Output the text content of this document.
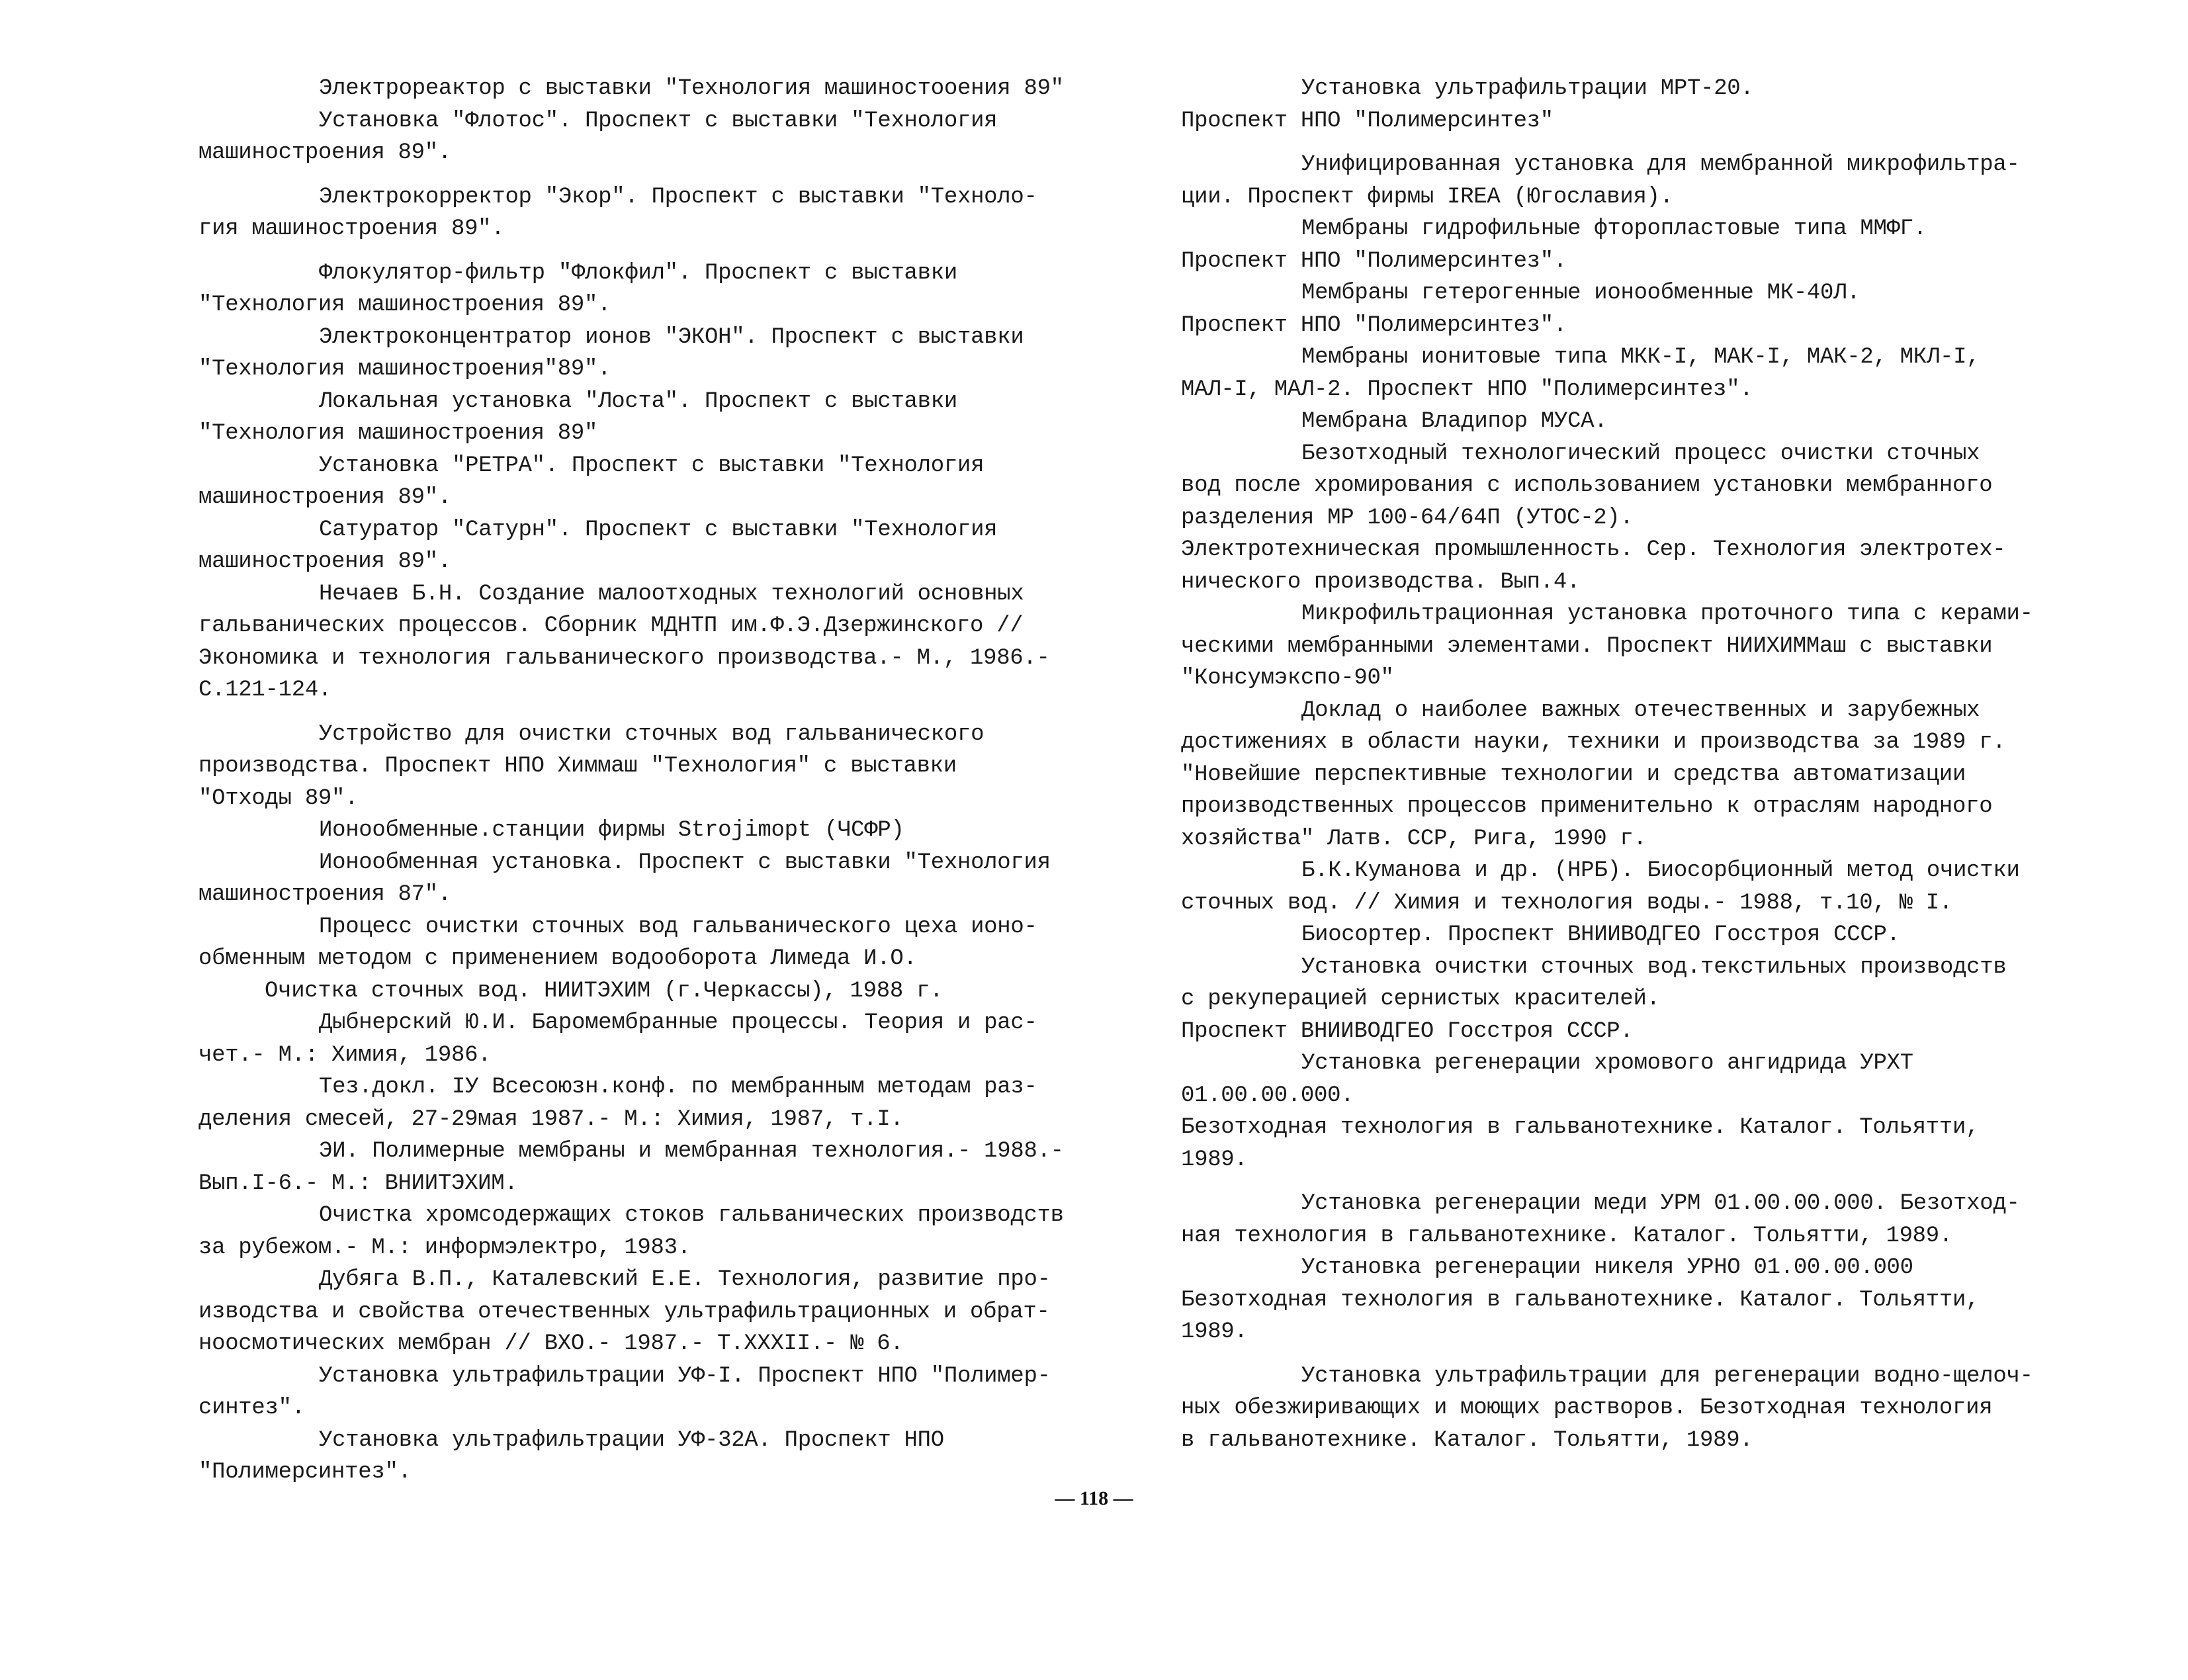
Электрореактор с выставки "Технология машиностооения 89"
Установка "Флотос". Проспект с выставки "Технология
машиностроения 89".
Электрокорректор "Экор". Проспект с выставки "Техноло-
гия машиностроения 89".
Флокулятор-фильтр "Флокфил". Проспект с выставки
"Технология машиностроения 89".
Электроконцентратор ионов "ЭКОН". Проспект с выставки
"Технология машиностроения"89".
Локальная установка "Лоста". Проспект с выставки
"Технология машиностроения 89"
Установка "РЕТРА". Проспект с выставки "Технология
машиностроения 89".
Сатуратор "Сатурн". Проспект с выставки "Технология
машиностроения 89".
Нечаев Б.Н. Создание малоотходных технологий основных
гальванических процессов. Сборник МДНТП им.Ф.Э.Дзержинского //
Экономика и технология гальванического производства.- М., 1986.-
С.121-124.
Устройство для очистки сточных вод гальванического
производства. Проспект НПО Химмаш "Технология" с выставки
"Отходы 89".
Ионообменные.станции фирмы Strojimopt (ЧСФР)
Ионообменная установка. Проспект с выставки "Технология
машиностроения 87".
Процесс очистки сточных вод гальванического цеха ионо-
обменным методом с применением водооборота Лимеда И.О.
Очистка сточных вод. НИИТЭХИМ (г.Черкассы), 1988 г.
Дыбнерский Ю.И. Баромембранные процессы. Теория и рас-
чет.- М.: Химия, 1986.
Тез.докл. IУ Всесоюзн.конф. по мембранным методам раз-
деления смесей, 27-29мая 1987.- М.: Химия, 1987, т.I.
ЭИ. Полимерные мембраны и мембранная технология.- 1988.-
Вып.I-6.- М.: ВНИИТЭХИМ.
Очистка хромсодержащих стоков гальванических производств
за рубежом.- М.: информэлектро, 1983.
Дубяга В.П., Каталевский Е.Е. Технология, развитие про-
изводства и свойства отечественных ультрафильтрационных и обрат-
ноосмотических мембран // ВХО.- 1987.- Т.XXXII.- № 6.
Установка ультрафильтрации УФ-I. Проспект НПО "Полимер-
синтез".
Установка ультрафильтрации УФ-32А. Проспект НПО
"Полимерсинтез".
Установка ультрафильтрации МРТ-20.
Проспект НПО "Полимерсинтез"
Унифицированная установка для мембранной микрофильтра-
ции. Проспект фирмы IREA (Югославия).
Мембраны гидрофильные фторопластовые типа ММФГ.
Проспект НПО "Полимерсинтез".
Мембраны гетерогенные ионообменные МК-40Л.
Проспект НПО "Полимерсинтез".
Мембраны ионитовые типа МКК-I, МАК-I, МАК-2, МКЛ-I,
МАЛ-I, МАЛ-2. Проспект НПО "Полимерсинтез".
Мембрана Владипор МУСА.
Безотходный технологический процесс очистки сточных
вод после хромирования с использованием установки мембранного
разделения МР 100-64/64П (УТОС-2).
Электротехническая промышленность. Сер. Технология электротех-
нического производства. Вып.4.
Микрофильтрационная установка проточного типа с керами-
ческими мембранными элементами. Проспект НИИХИММаш с выставки
"Консумэкспо-90"
Доклад о наиболее важных отечественных и зарубежных
достижениях в области науки, техники и производства за 1989 г.
"Новейшие перспективные технологии и средства автоматизации
производственных процессов применительно к отраслям народного
хозяйства" Латв. ССР, Рига, 1990 г.
Б.К.Куманова и др. (НРБ). Биосорбционный метод очистки
сточных вод. // Химия и технология воды.- 1988, т.10, № I.
Биосортер. Проспект ВНИИВОДГЕО Госстроя СССР.
Установка очистки сточных вод.текстильных производств
с рекуперацией сернистых красителей.
Проспект ВНИИВОДГЕО Госстроя СССР.
Установка регенерации хромового ангидрида УРХТ
01.00.00.000.
Безотходная технология в гальванотехнике. Каталог. Тольятти,
1989.
Установка регенерации меди УРМ 01.00.00.000. Безотход-
ная технология в гальванотехнике. Каталог. Тольятти, 1989.
Установка регенерации никеля УРНО 01.00.00.000
Безотходная технология в гальванотехнике. Каталог. Тольятти,
1989.
Установка ультрафильтрации для регенерации водно-щелоч-
ных обезжиривающих и моющих растворов. Безотходная технология
в гальванотехнике. Каталог. Тольятти, 1989.
— 118 —
